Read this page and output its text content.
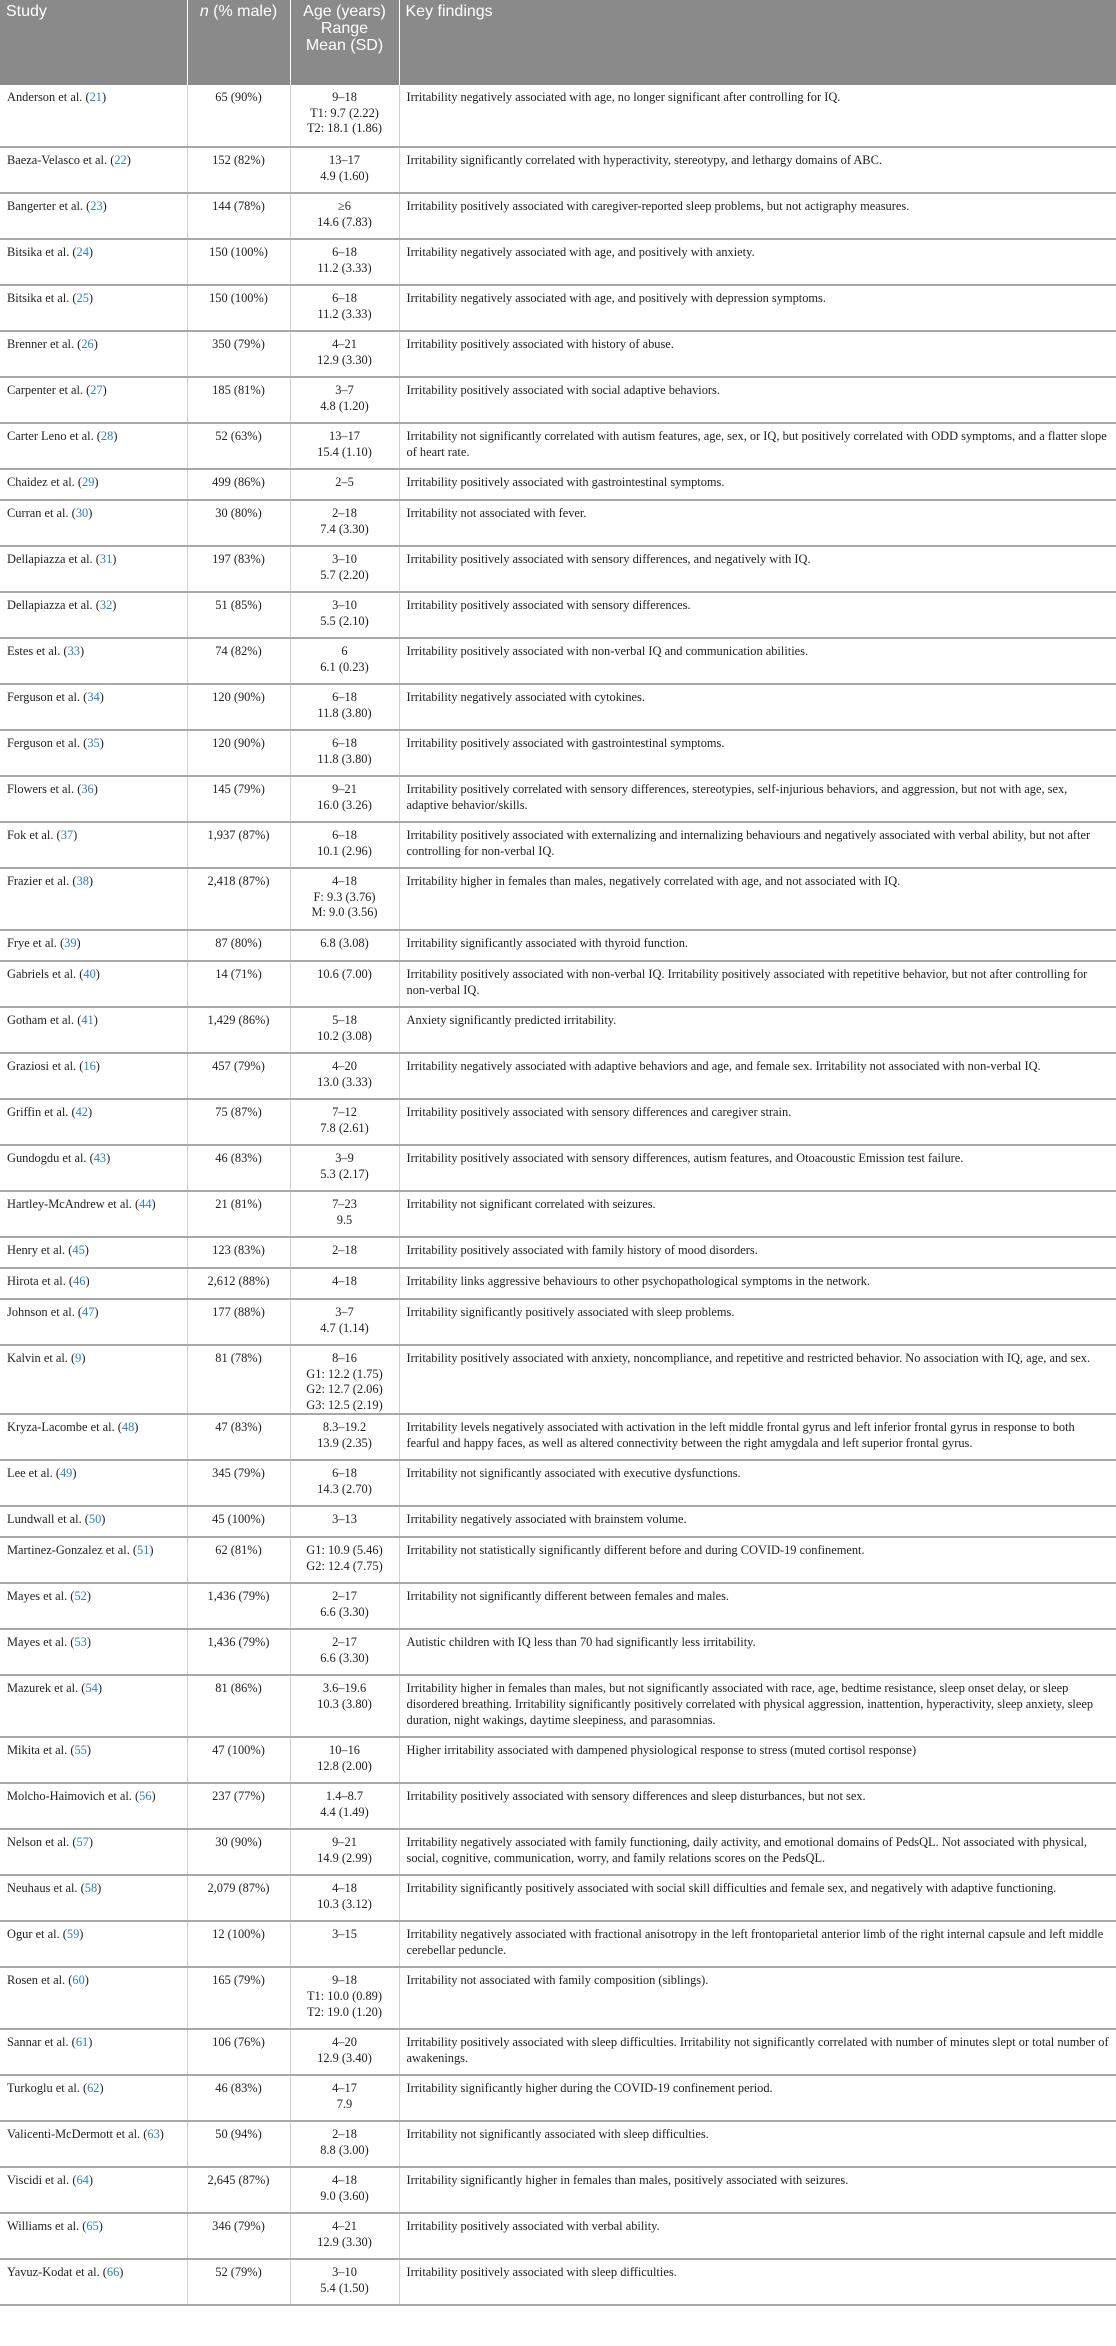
Study	n (% male)	Age (years)
Range
Mean (SD)	Key findings
Anderson et al. (21)	65 (90%)	9–18
T1: 9.7 (2.22)
T2: 18.1 (1.86)	Irritability negatively associated with age, no longer significant after controlling for IQ.
Baeza-Velasco et al. (22)	152 (82%)	13–17
4.9 (1.60)	Irritability significantly correlated with hyperactivity, stereotypy, and lethargy domains of ABC.
Bangerter et al. (23)	144 (78%)	≥6
14.6 (7.83)	Irritability positively associated with caregiver-reported sleep problems, but not actigraphy measures.
Bitsika et al. (24)	150 (100%)	6–18
11.2 (3.33)	Irritability negatively associated with age, and positively with anxiety.
Bitsika et al. (25)	150 (100%)	6–18
11.2 (3.33)	Irritability negatively associated with age, and positively with depression symptoms.
Brenner et al. (26)	350 (79%)	4–21
12.9 (3.30)	Irritability positively associated with history of abuse.
Carpenter et al. (27)	185 (81%)	3–7
4.8 (1.20)	Irritability positively associated with social adaptive behaviors.
Carter Leno et al. (28)	52 (63%)	13–17
15.4 (1.10)	Irritability not significantly correlated with autism features, age, sex, or IQ, but positively correlated with ODD symptoms, and a flatter slope of heart rate.
Chaidez et al. (29)	499 (86%)	2–5	Irritability positively associated with gastrointestinal symptoms.
Curran et al. (30)	30 (80%)	2–18
7.4 (3.30)	Irritability not associated with fever.
Dellapiazza et al. (31)	197 (83%)	3–10
5.7 (2.20)	Irritability positively associated with sensory differences, and negatively with IQ.
Dellapiazza et al. (32)	51 (85%)	3–10
5.5 (2.10)	Irritability positively associated with sensory differences.
Estes et al. (33)	74 (82%)	6
6.1 (0.23)	Irritability positively associated with non-verbal IQ and communication abilities.
Ferguson et al. (34)	120 (90%)	6–18
11.8 (3.80)	Irritability negatively associated with cytokines.
Ferguson et al. (35)	120 (90%)	6–18
11.8 (3.80)	Irritability positively associated with gastrointestinal symptoms.
Flowers et al. (36)	145 (79%)	9–21
16.0 (3.26)	Irritability positively correlated with sensory differences, stereotypies, self-injurious behaviors, and aggression, but not with age, sex, adaptive behavior/skills.
Fok et al. (37)	1,937 (87%)	6–18
10.1 (2.96)	Irritability positively associated with externalizing and internalizing behaviours and negatively associated with verbal ability, but not after controlling for non-verbal IQ.
Frazier et al. (38)	2,418 (87%)	4–18
F: 9.3 (3.76)
M: 9.0 (3.56)	Irritability higher in females than males, negatively correlated with age, and not associated with IQ.
Frye et al. (39)	87 (80%)	6.8 (3.08)	Irritability significantly associated with thyroid function.
Gabriels et al. (40)	14 (71%)	10.6 (7.00)	Irritability positively associated with non-verbal IQ. Irritability positively associated with repetitive behavior, but not after controlling for non-verbal IQ.
Gotham et al. (41)	1,429 (86%)	5–18
10.2 (3.08)	Anxiety significantly predicted irritability.
Graziosi et al. (16)	457 (79%)	4–20
13.0 (3.33)	Irritability negatively associated with adaptive behaviors and age, and female sex. Irritability not associated with non-verbal IQ.
Griffin et al. (42)	75 (87%)	7–12
7.8 (2.61)	Irritability positively associated with sensory differences and caregiver strain.
Gundogdu et al. (43)	46 (83%)	3–9
5.3 (2.17)	Irritability positively associated with sensory differences, autism features, and Otoacoustic Emission test failure.
Hartley-McAndrew et al. (44)	21 (81%)	7–23
9.5	Irritability not significant correlated with seizures.
Henry et al. (45)	123 (83%)	2–18	Irritability positively associated with family history of mood disorders.
Hirota et al. (46)	2,612 (88%)	4–18	Irritability links aggressive behaviours to other psychopathological symptoms in the network.
Johnson et al. (47)	177 (88%)	3–7
4.7 (1.14)	Irritability significantly positively associated with sleep problems.
Kalvin et al. (9)	81 (78%)	8–16
G1: 12.2 (1.75)
G2: 12.7 (2.06)
G3: 12.5 (2.19)	Irritability positively associated with anxiety, noncompliance, and repetitive and restricted behavior. No association with IQ, age, and sex.
Kryza-Lacombe et al. (48)	47 (83%)	8.3–19.2
13.9 (2.35)	Irritability levels negatively associated with activation in the left middle frontal gyrus and left inferior frontal gyrus in response to both fearful and happy faces, as well as altered connectivity between the right amygdala and left superior frontal gyrus.
Lee et al. (49)	345 (79%)	6–18
14.3 (2.70)	Irritability not significantly associated with executive dysfunctions.
Lundwall et al. (50)	45 (100%)	3–13	Irritability negatively associated with brainstem volume.
Martinez-Gonzalez et al. (51)	62 (81%)	G1: 10.9 (5.46)
G2: 12.4 (7.75)	Irritability not statistically significantly different before and during COVID-19 confinement.
Mayes et al. (52)	1,436 (79%)	2–17
6.6 (3.30)	Irritability not significantly different between females and males.
Mayes et al. (53)	1,436 (79%)	2–17
6.6 (3.30)	Autistic children with IQ less than 70 had significantly less irritability.
Mazurek et al. (54)	81 (86%)	3.6–19.6
10.3 (3.80)	Irritability higher in females than males, but not significantly associated with race, age, bedtime resistance, sleep onset delay, or sleep disordered breathing. Irritability significantly positively correlated with physical aggression, inattention, hyperactivity, sleep anxiety, sleep duration, night wakings, daytime sleepiness, and parasomnias.
Mikita et al. (55)	47 (100%)	10–16
12.8 (2.00)	Higher irritability associated with dampened physiological response to stress (muted cortisol response)
Molcho-Haimovich et al. (56)	237 (77%)	1.4–8.7
4.4 (1.49)	Irritability positively associated with sensory differences and sleep disturbances, but not sex.
Nelson et al. (57)	30 (90%)	9–21
14.9 (2.99)	Irritability negatively associated with family functioning, daily activity, and emotional domains of PedsQL. Not associated with physical, social, cognitive, communication, worry, and family relations scores on the PedsQL.
Neuhaus et al. (58)	2,079 (87%)	4–18
10.3 (3.12)	Irritability significantly positively associated with social skill difficulties and female sex, and negatively with adaptive functioning.
Ogur et al. (59)	12 (100%)	3–15	Irritability negatively associated with fractional anisotropy in the left frontoparietal anterior limb of the right internal capsule and left middle cerebellar peduncle.
Rosen et al. (60)	165 (79%)	9–18
T1: 10.0 (0.89)
T2: 19.0 (1.20)	Irritability not associated with family composition (siblings).
Sannar et al. (61)	106 (76%)	4–20
12.9 (3.40)	Irritability positively associated with sleep difficulties. Irritability not significantly correlated with number of minutes slept or total number of awakenings.
Turkoglu et al. (62)	46 (83%)	4–17
7.9	Irritability significantly higher during the COVID-19 confinement period.
Valicenti-McDermott et al. (63)	50 (94%)	2–18
8.8 (3.00)	Irritability not significantly associated with sleep difficulties.
Viscidi et al. (64)	2,645 (87%)	4–18
9.0 (3.60)	Irritability significantly higher in females than males, positively associated with seizures.
Williams et al. (65)	346 (79%)	4–21
12.9 (3.30)	Irritability positively associated with verbal ability.
Yavuz-Kodat et al. (66)	52 (79%)	3–10
5.4 (1.50)	Irritability positively associated with sleep difficulties.
